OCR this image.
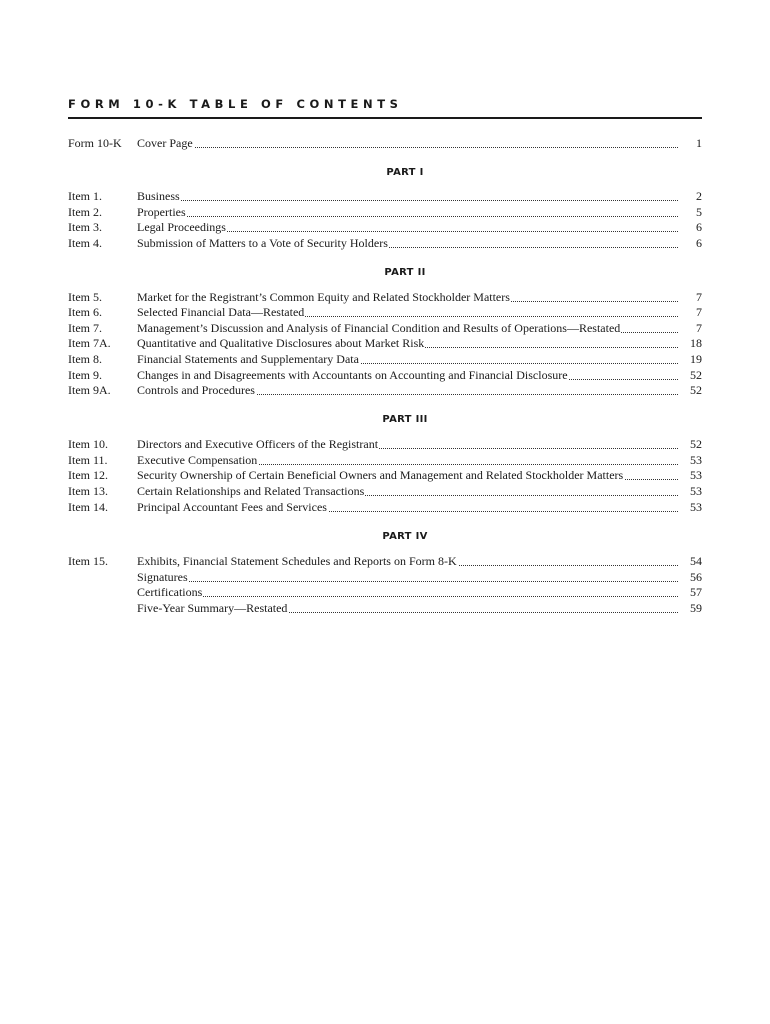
FORM 10-K TABLE OF CONTENTS
Form 10-K Cover Page	1
PART I
Item 1.	Business	2
Item 2.	Properties	5
Item 3.	Legal Proceedings	6
Item 4.	Submission of Matters to a Vote of Security Holders	6
PART II
Item 5.	Market for the Registrant’s Common Equity and Related Stockholder Matters	7
Item 6.	Selected Financial Data—Restated	7
Item 7.	Management’s Discussion and Analysis of Financial Condition and Results of Operations—Restated	7
Item 7A. Quantitative and Qualitative Disclosures about Market Risk	18
Item 8.	Financial Statements and Supplementary Data	19
Item 9.	Changes in and Disagreements with Accountants on Accounting and Financial Disclosure	52
Item 9A. Controls and Procedures	52
PART III
Item 10. Directors and Executive Officers of the Registrant	52
Item 11. Executive Compensation	53
Item 12. Security Ownership of Certain Beneficial Owners and Management and Related Stockholder Matters	53
Item 13. Certain Relationships and Related Transactions	53
Item 14. Principal Accountant Fees and Services	53
PART IV
Item 15. Exhibits, Financial Statement Schedules and Reports on Form 8-K	54
Signatures	56
Certifications	57
Five-Year Summary—Restated	59
